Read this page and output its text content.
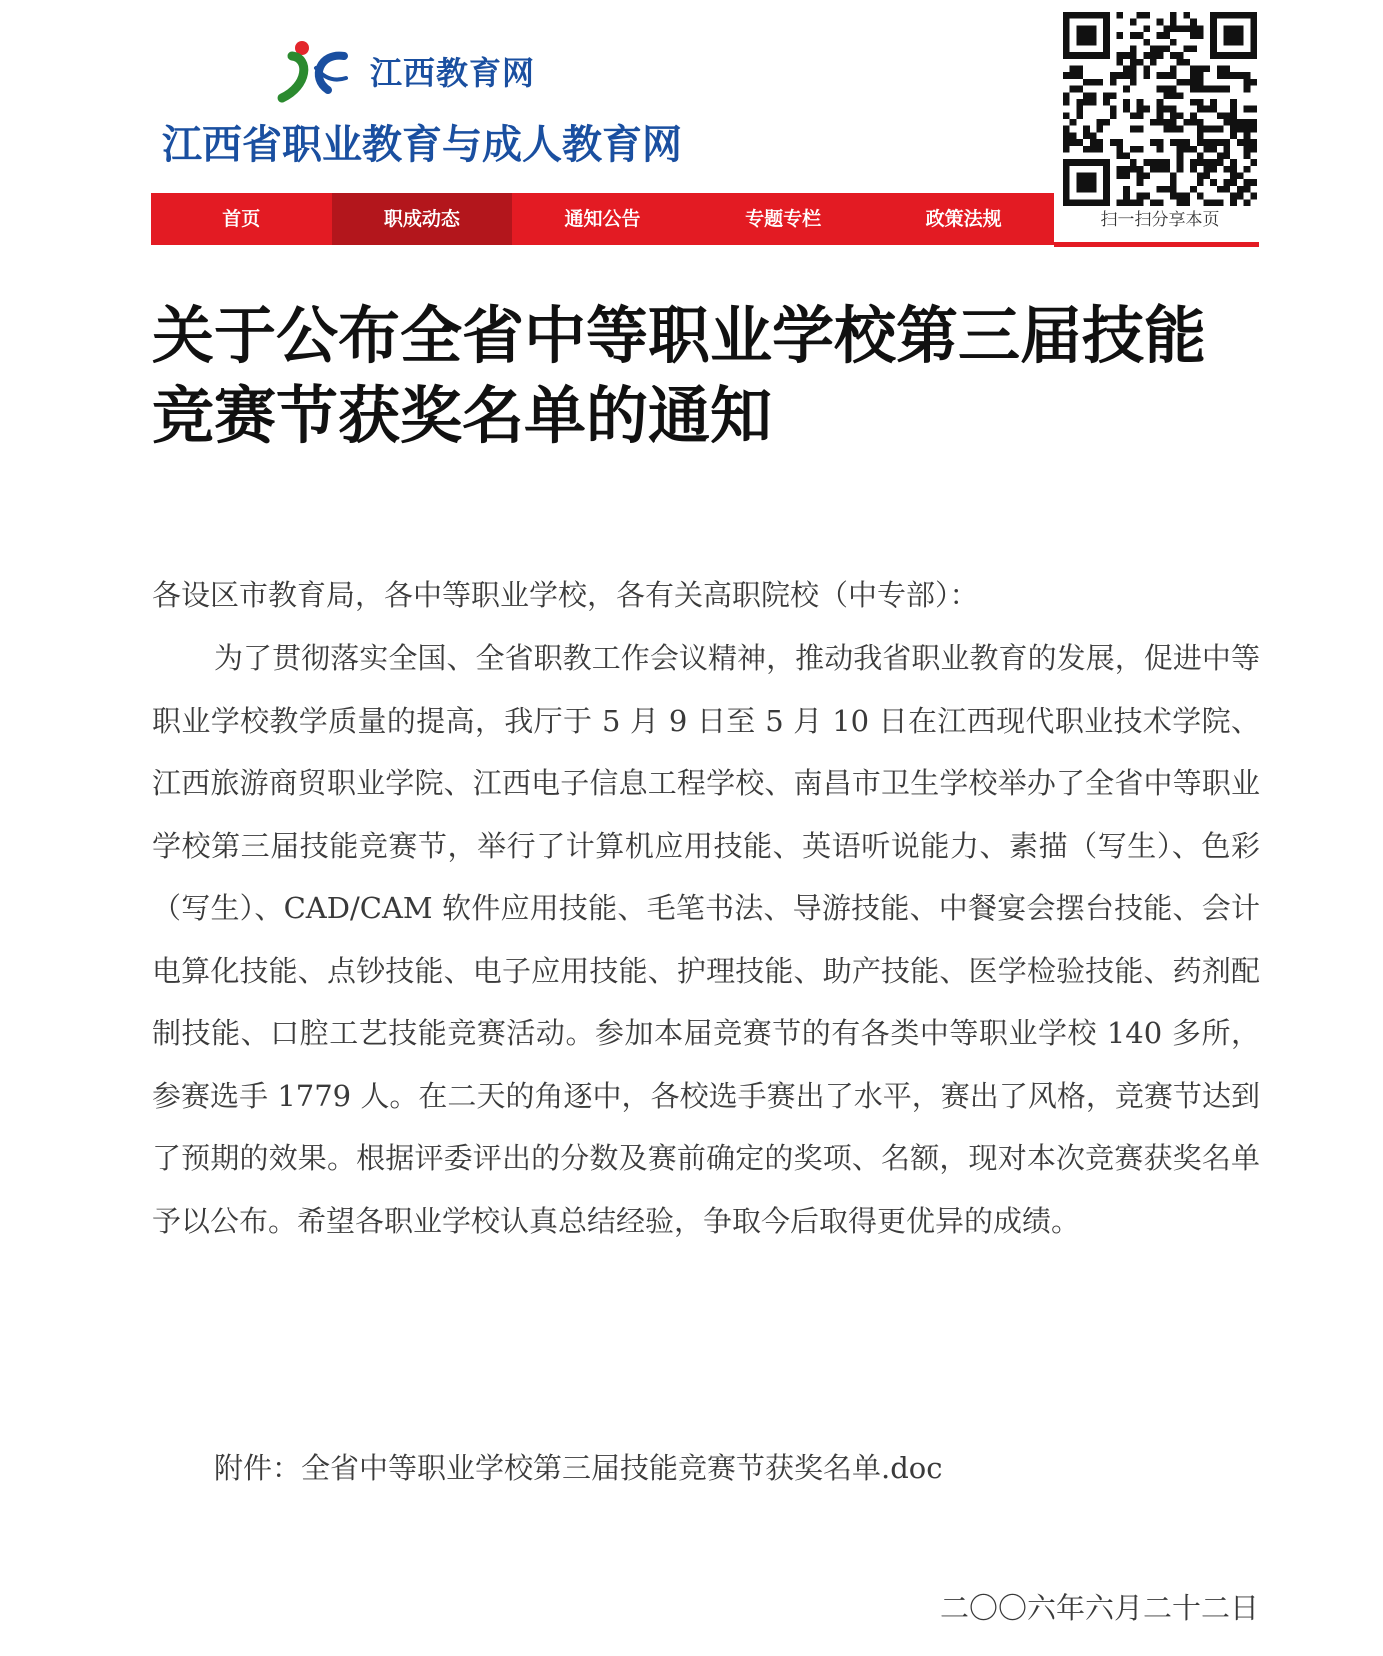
江西教育网
江西省职业教育与成人教育网
扫一扫分享本页
首页	职成动态	通知公告	专题专栏	政策法规
关于公布全省中等职业学校第三届技能竞赛节获奖名单的通知
各设区市教育局，各中等职业学校，各有关高职院校（中专部）：

为了贯彻落实全国、全省职教工作会议精神，推动我省职业教育的发展，促进中等职业学校教学质量的提高，我厅于 5 月 9 日至 5 月 10 日在江西现代职业技术学院、江西旅游商贸职业学院、江西电子信息工程学校、南昌市卫生学校举办了全省中等职业学校第三届技能竞赛节，举行了计算机应用技能、英语听说能力、素描（写生）、色彩（写生）、CAD/CAM 软件应用技能、毛笔书法、导游技能、中餐宴会摆台技能、会计电算化技能、点钞技能、电子应用技能、护理技能、助产技能、医学检验技能、药剂配制技能、口腔工艺技能竞赛活动。参加本届竞赛节的有各类中等职业学校 140 多所，参赛选手 1779 人。在二天的角逐中，各校选手赛出了水平，赛出了风格，竞赛节达到了预期的效果。根据评委评出的分数及赛前确定的奖项、名额，现对本次竞赛获奖名单予以公布。希望各职业学校认真总结经验，争取今后取得更优异的成绩。

附件：全省中等职业学校第三届技能竞赛节获奖名单.doc
二〇〇六年六月二十二日
